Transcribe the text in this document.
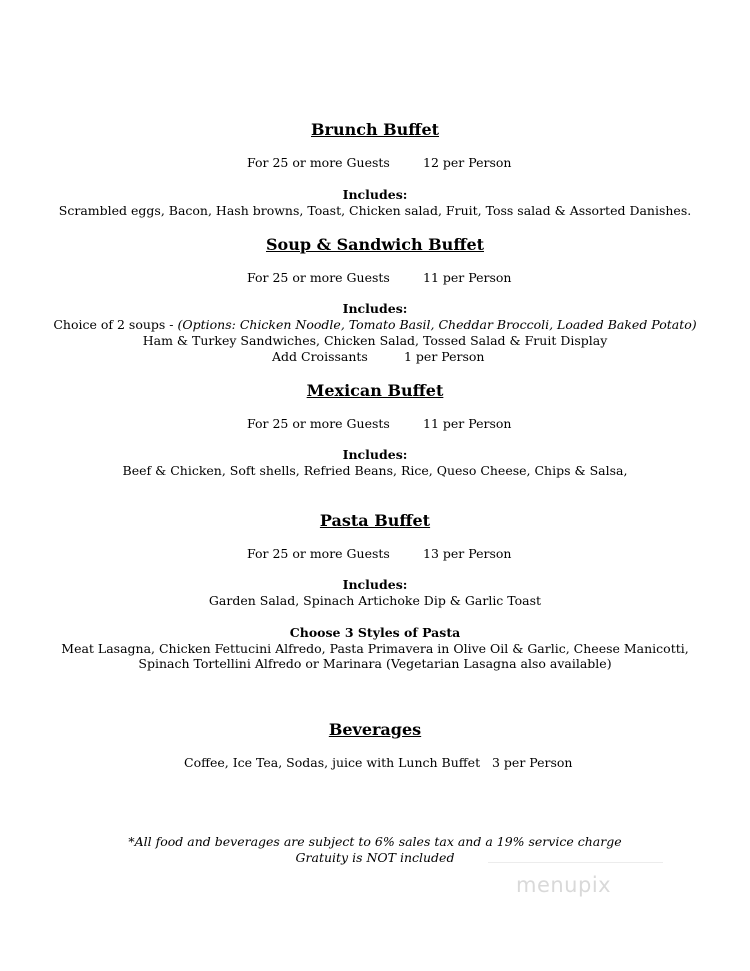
Brunch Buffet
For 25 or more Guests	12 per Person
Includes:
Scrambled eggs, Bacon, Hash browns, Toast, Chicken salad, Fruit, Toss salad & Assorted Danishes.
Soup & Sandwich Buffet
For 25 or more Guests	11 per Person
Includes:
Choice of 2 soups - (Options: Chicken Noodle, Tomato Basil, Cheddar Broccoli, Loaded Baked Potato)
Ham & Turkey Sandwiches, Chicken Salad, Tossed Salad & Fruit Display
Add Croissants	1 per Person
Mexican Buffet
For 25 or more Guests	11 per Person
Includes:
Beef & Chicken, Soft shells, Refried Beans, Rice, Queso Cheese, Chips & Salsa,
Pasta Buffet
For 25 or more Guests	13 per Person
Includes:
Garden Salad, Spinach Artichoke Dip & Garlic Toast
Choose 3 Styles of Pasta
Meat Lasagna, Chicken Fettucini Alfredo, Pasta Primavera in Olive Oil & Garlic, Cheese Manicotti,
Spinach Tortellini Alfredo or Marinara (Vegetarian Lasagna also available)
Beverages
Coffee, Ice Tea, Sodas, juice with Lunch Buffet 3 per Person
*All food and beverages are subject to 6% sales tax and a 19% service charge
Gratuity is NOT included
menupix
